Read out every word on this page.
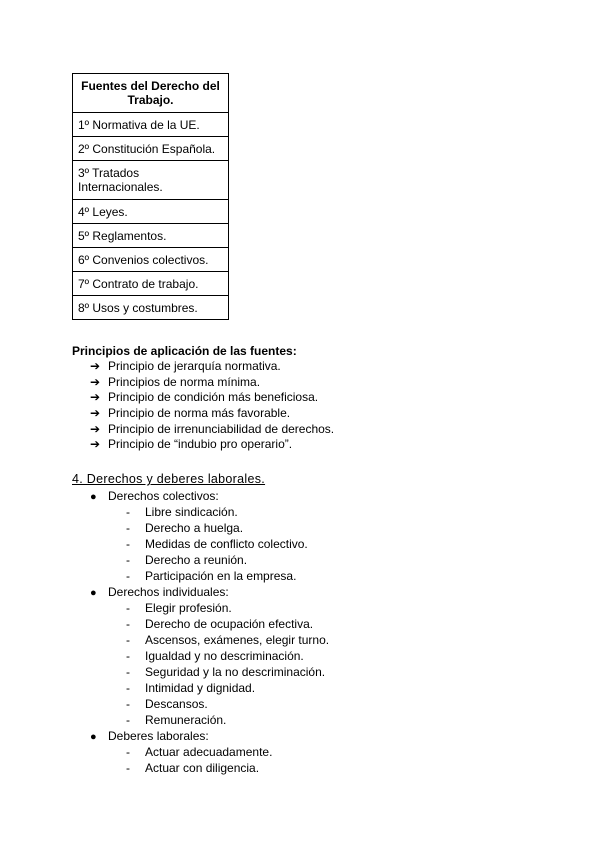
Fuentes del Derecho del Trabajo.
1º Normativa de la UE.
2º Constitución Española.
3º Tratados Internacionales.
4º Leyes.
5º Reglamentos.
6º Convenios colectivos.
7º Contrato de trabajo.
8º Usos y costumbres.
Principios de aplicación de las fuentes:
➔ Principio de jerarquía normativa.
➔ Principios de norma mínima.
➔ Principio de condición más beneficiosa.
➔ Principio de norma más favorable.
➔ Principio de irrenunciabilidad de derechos.
➔ Principio de “indubio pro operario”.
4. Derechos y deberes laborales.
● Derechos colectivos:
- Libre sindicación.
- Derecho a huelga.
- Medidas de conflicto colectivo.
- Derecho a reunión.
- Participación en la empresa.
● Derechos individuales:
- Elegir profesión.
- Derecho de ocupación efectiva.
- Ascensos, exámenes, elegir turno.
- Igualdad y no descriminación.
- Seguridad y la no descriminación.
- Intimidad y dignidad.
- Descansos.
- Remuneración.
● Deberes laborales:
- Actuar adecuadamente.
- Actuar con diligencia.
